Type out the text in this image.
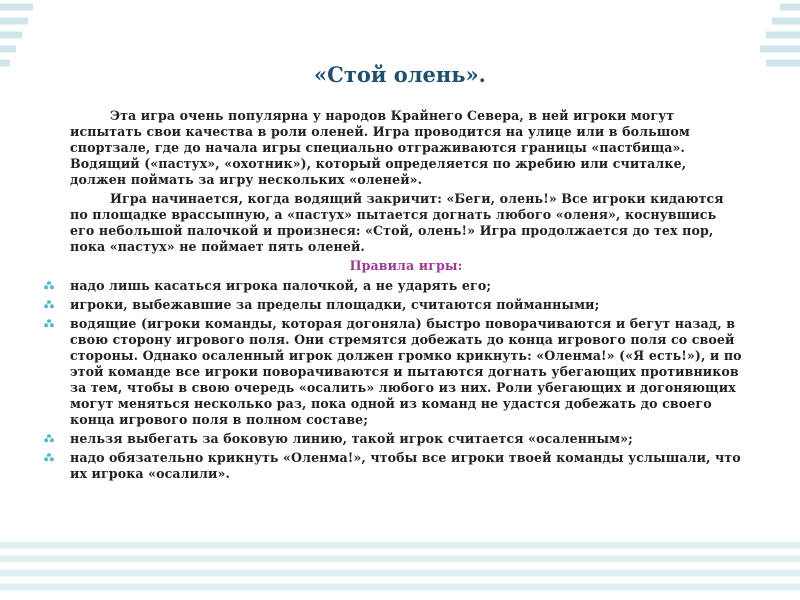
«Стой олень».

Эта игра очень популярна у народов Крайнего Севера, в ней игроки могут испытать свои качества в роли оленей. Игра проводится на улице или в большом спортзале, где до начала игры специально отграживаются границы «пастбища». Водящий («пастух», «охотник»), который определяется по жребию или считалке, должен поймать за игру нескольких «оленей».

Игра начинается, когда водящий закричит: «Беги, олень!» Все игроки кидаются по площадке врассыпную, а «пастух» пытается догнать любого «оленя», коснувшись его небольшой палочкой и произнеся: «Стой, олень!» Игра продолжается до тех пор, пока «пастух» не поймает пять оленей.

Правила игры:
надо лишь касаться игрока палочкой, а не ударять его;
игроки, выбежавшие за пределы площадки, считаются пойманными;
водящие (игроки команды, которая догоняла) быстро поворачиваются и бегут назад, в свою сторону игрового поля. Они стремятся добежать до конца игрового поля со своей стороны. Однако осаленный игрок должен громко крикнуть: «Оленма!» («Я есть!»), и по этой команде все игроки поворачиваются и пытаются догнать убегающих противников за тем, чтобы в свою очередь «осалить» любого из них. Роли убегающих и догоняющих могут меняться несколько раз, пока одной из команд не удастся добежать до своего конца игрового поля в полном составе;
нельзя выбегать за боковую линию, такой игрок считается «осаленным»;
надо обязательно крикнуть «Оленма!», чтобы все игроки твоей команды услышали, что их игрока «осалили».
